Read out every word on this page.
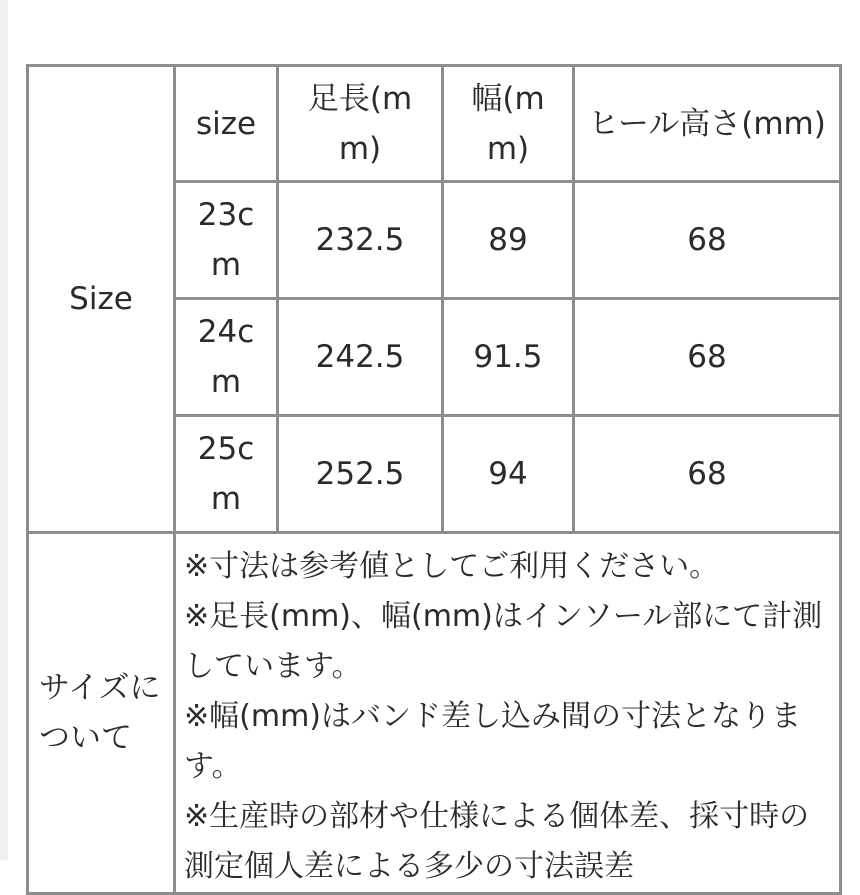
Size	size	足長(mm)	幅(mm)	ヒール高さ(mm)
	23cm	232.5	89	68
	24cm	242.5	91.5	68
	25cm	252.5	94	68
サイズについて	※寸法は参考値としてご利用ください。
※足長(mm)、幅(mm)はインソール部にて計測しています。
※幅(mm)はバンド差し込み間の寸法となります。
※生産時の部材や仕様による個体差、採寸時の測定個人差による多少の寸法誤差			
